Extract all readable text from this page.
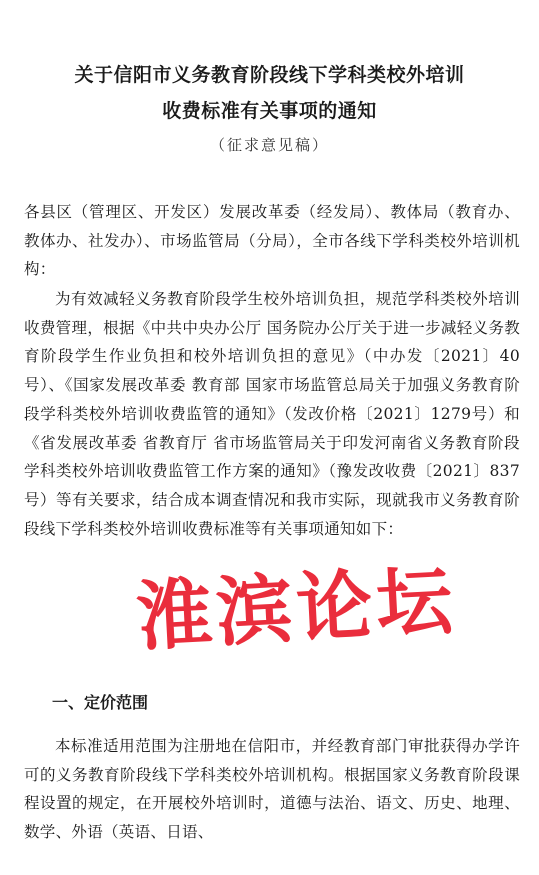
关于信阳市义务教育阶段线下学科类校外培训
收费标准有关事项的通知
（征求意见稿）

各县区（管理区、开发区）发展改革委（经发局）、教体局（教育办、教体办、社发办）、市场监管局（分局），全市各线下学科类校外培训机构：

为有效减轻义务教育阶段学生校外培训负担，规范学科类校外培训收费管理，根据《中共中央办公厅 国务院办公厅关于进一步减轻义务教育阶段学生作业负担和校外培训负担的意见》（中办发〔2021〕40号）、《国家发展改革委 教育部 国家市场监管总局关于加强义务教育阶段学科类校外培训收费监管的通知》（发改价格〔2021〕1279号）和《省发展改革委 省教育厅 省市场监管局关于印发河南省义务教育阶段学科类校外培训收费监管工作方案的通知》（豫发改收费〔2021〕837号）等有关要求，结合成本调查情况和我市实际，现就我市义务教育阶段线下学科类校外培训收费标准等有关事项通知如下：

一、定价范围

本标准适用范围为注册地在信阳市，并经教育部门审批获得办学许可的义务教育阶段线下学科类校外培训机构。根据国家义务教育阶段课程设置的规定，在开展校外培训时，道德与法治、语文、历史、地理、数学、外语（英语、日语、

淮滨论坛
